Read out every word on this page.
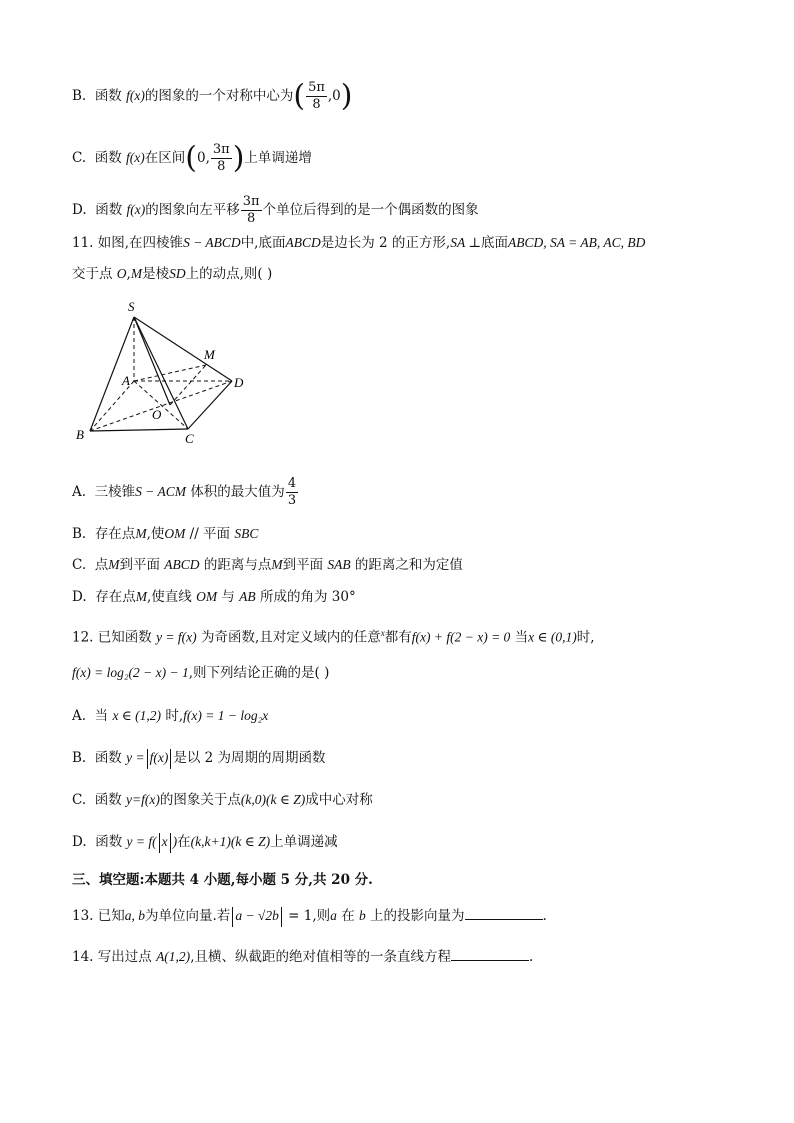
B. 函数 f(x)的图象的一个对称中心为( $\frac{5\pi}{8} ,0$)
C. 函数 f(x)在区间(0, $\frac{3\pi}{8}$ )上单调递增
D. 函数 f(x)的图象向左平移 $\frac{3\pi}{8}$ 个单位后得到的是一个偶函数的图象
11. 如图,在四棱锥S − ABCD中,底面ABCD是边长为 2 的正方形,SA ⊥底面ABCD, SA = AB, AC, BD
交于点 O,M是棱SD上的动点,则( )
S
M
A	D
O
B	C
A. 三棱锥S − ACM 体积的最大值为 $\frac{4}{3}$
B. 存在点M,使OM // 平面 SBC
C. 点M到平面 ABCD 的距离与点M到平面 SAB 的距离之和为定值
D. 存在点M,使直线 OM 与 AB 所成的角为 30°
12. 已知函数 y = f(x) 为奇函数,且对定义域内的任意$^x$都有f(x) + f(2 − x) = 0 当x ∈ (0,1)时,
f(x) = log₂(2 − x) − 1,则下列结论正确的是( )
A. 当 x ∈ (1,2) 时,f(x) = 1 − log₂x
B. 函数 y = f(x) 是以 2 为周期的周期函数
C. 函数 y=f(x)的图象关于点(k,0)(k ∈ Z)成中心对称
D. 函数 y = f( x )在(k,k+1)(k ∈ Z)上单调递减
三、填空题:本题共 4 小题,每小题 5 分,共 20 分.
13. 已知a, b为单位向量.若 a − √2b = 1,则a 在 b 上的投影向量为	.
14. 写出过点 A(1,2),且横、纵截距的绝对值相等的一条直线方程	.
